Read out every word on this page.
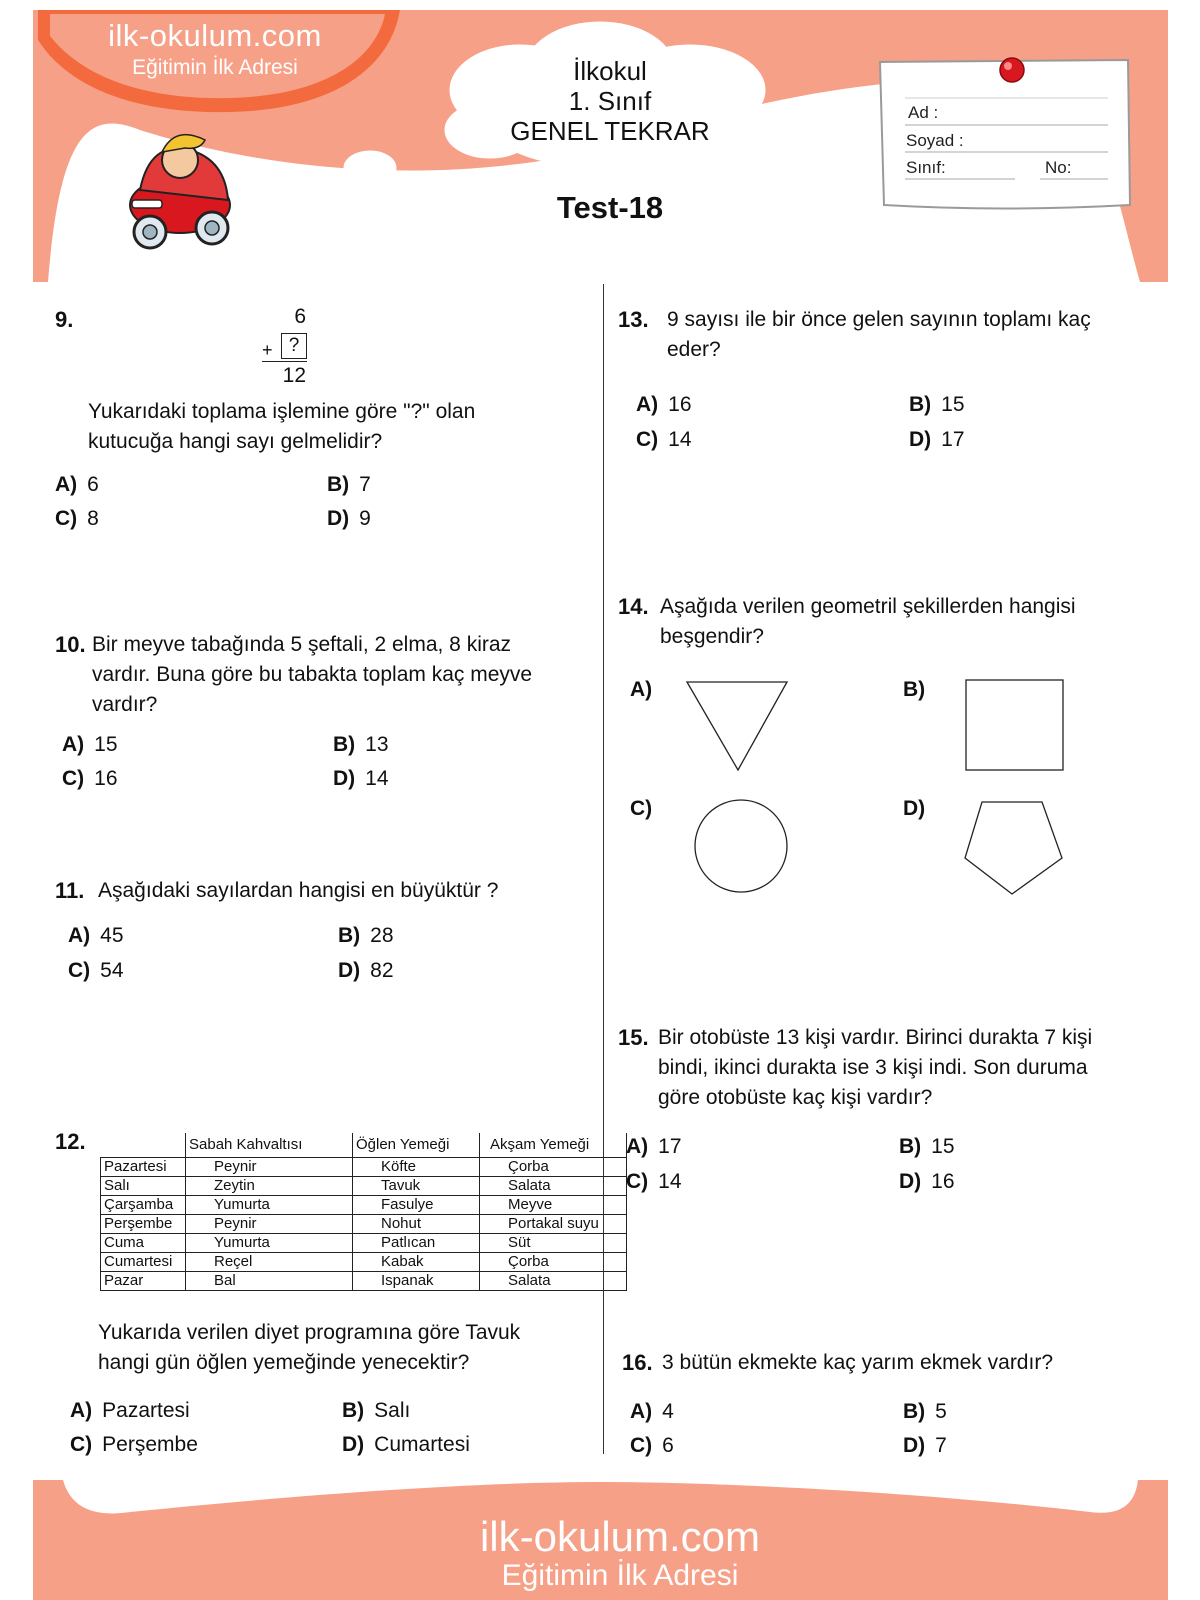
ilk-okulum.com
Eğitimin İlk Adresi	İlkokul
1. Sınıf
GENEL TEKRAR
Test-18
Ad :
Soyad :
Sınıf:	No:
9.	6
+ ?
12
Yukarıdaki toplama işlemine göre "?" olan
kutucuğa hangi sayı gelmelidir?
A) 6	B) 7
C) 8	D) 9
10. Bir meyve tabağında 5 şeftali, 2 elma, 8 kiraz
vardır. Buna göre bu tabakta toplam kaç meyve
vardır?
A) 15	B) 13
C) 16	D) 14
11. Aşağıdaki sayılardan hangisi en büyüktür ?
A) 45	B) 28
C) 54	D) 82
12.
		Sabah Kahvaltısı	Öğlen Yemeği	Akşam Yemeği
Pazartesi	Peynir	Köfte	Çorba
Salı	Zeytin	Tavuk	Salata
Çarşamba	Yumurta	Fasulye	Meyve
Perşembe	Peynir	Nohut	Portakal suyu
Cuma	Yumurta	Patlıcan	Süt
Cumartesi	Reçel	Kabak	Çorba
Pazar	Bal	Ispanak	Salata
Yukarıda verilen diyet programına göre Tavuk
hangi gün öğlen yemeğinde yenecektir?
A) Pazartesi	B) Salı
C) Perşembe	D) Cumartesi
13. 9 sayısı ile bir önce gelen sayının toplamı kaç
eder?
A) 16	B) 15
C) 14	D) 17
14. Aşağıda verilen geometril şekillerden hangisi
beşgendir?
A)	B)
C)	D)
15. Bir otobüste 13 kişi vardır. Birinci durakta 7 kişi
bindi, ikinci durakta ise 3 kişi indi. Son duruma
göre otobüste kaç kişi vardır?
A) 17	B) 15
C) 14	D) 16
16. 3 bütün ekmekte kaç yarım ekmek vardır?
A) 4	B) 5
C) 6	D) 7
ilk-okulum.com
Eğitimin İlk Adresi
